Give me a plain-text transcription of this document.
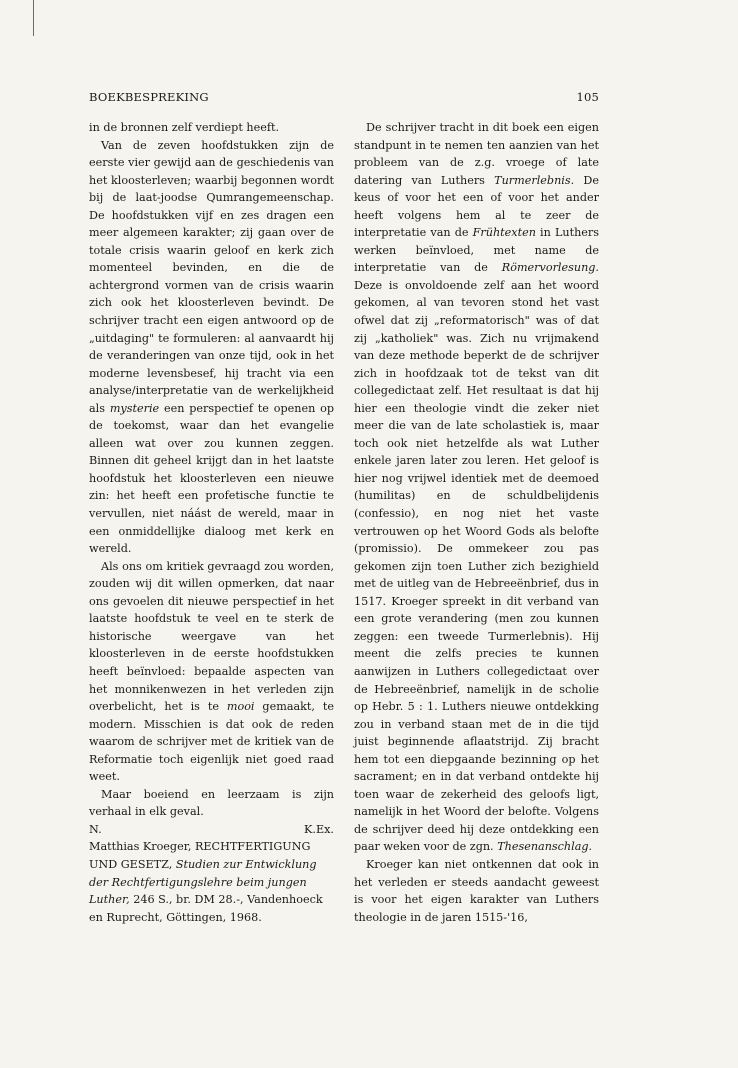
BOEKBESPREKING	105

in de bronnen zelf verdiept heeft.

Van de zeven hoofdstukken zijn de eerste vier gewijd aan de geschiedenis van het kloosterleven; waarbij begonnen wordt bij de laat-joodse Qumrangemeenschap. De hoofdstukken vijf en zes dragen een meer algemeen karakter; zij gaan over de totale crisis waarin geloof en kerk zich momenteel bevinden, en die de achtergrond vormen van de crisis waarin zich ook het kloosterleven bevindt. De schrijver tracht een eigen antwoord op de „uitdaging" te formuleren: al aanvaardt hij de veranderingen van onze tijd, ook in het moderne levensbesef, hij tracht via een analyse/interpretatie van de werkelijkheid als mysterie een perspectief te openen op de toekomst, waar dan het evangelie alleen wat over zou kunnen zeggen. Binnen dit geheel krijgt dan in het laatste hoofdstuk het kloosterleven een nieuwe zin: het heeft een profetische functie te vervullen, niet náást de wereld, maar in een onmiddellijke dialoog met kerk en wereld.

Als ons om kritiek gevraagd zou worden, zouden wij dit willen opmerken, dat naar ons gevoelen dit nieuwe perspectief in het laatste hoofdstuk te veel en te sterk de historische weergave van het kloosterleven in de eerste hoofdstukken heeft beïnvloed: bepaalde aspecten van het monnikenwezen in het verleden zijn overbelicht, het is te mooi gemaakt, te modern. Misschien is dat ook de reden waarom de schrijver met de kritiek van de Reformatie toch eigenlijk niet goed raad weet.

Maar boeiend en leerzaam is zijn verhaal in elk geval.

N.	K.Ex.

Matthias Kroeger, RECHTFERTIGUNG UND GESETZ, Studien zur Entwicklung der Rechtfertigungslehre beim jungen Luther, 246 S., br. DM 28.-, Vandenhoeck en Ruprecht, Göttingen, 1968.

De schrijver tracht in dit boek een eigen standpunt in te nemen ten aanzien van het probleem van de z.g. vroege of late datering van Luthers Turmerlebnis. De keus of voor het een of voor het ander heeft volgens hem al te zeer de interpretatie van de Frühtexten in Luthers werken beïnvloed, met name de interpretatie van de Römervorlesung. Deze is onvoldoende zelf aan het woord gekomen, al van tevoren stond het vast ofwel dat zij „reformatorisch" was of dat zij „katholiek" was. Zich nu vrijmakend van deze methode beperkt de de schrijver zich in hoofdzaak tot de tekst van dit collegedictaat zelf. Het resultaat is dat hij hier een theologie vindt die zeker niet meer die van de late scholastiek is, maar toch ook niet hetzelfde als wat Luther enkele jaren later zou leren. Het geloof is hier nog vrijwel identiek met de deemoed (humilitas) en de schuldbelijdenis (confessio), en nog niet het vaste vertrouwen op het Woord Gods als belofte (promissio). De ommekeer zou pas gekomen zijn toen Luther zich bezighield met de uitleg van de Hebreeënbrief, dus in 1517. Kroeger spreekt in dit verband van een grote verandering (men zou kunnen zeggen: een tweede Turmerlebnis). Hij meent die zelfs precies te kunnen aanwijzen in Luthers collegedictaat over de Hebreeënbrief, namelijk in de scholie op Hebr. 5 : 1. Luthers nieuwe ontdekking zou in verband staan met de in die tijd juist beginnende aflaatstrijd. Zij bracht hem tot een diepgaande bezinning op het sacrament; en in dat verband ontdekte hij toen waar de zekerheid des geloofs ligt, namelijk in het Woord der belofte. Volgens de schrijver deed hij deze ontdekking een paar weken voor de zgn. Thesenanschlag.

Kroeger kan niet ontkennen dat ook in het verleden er steeds aandacht geweest is voor het eigen karakter van Luthers theologie in de jaren 1515-'16,
